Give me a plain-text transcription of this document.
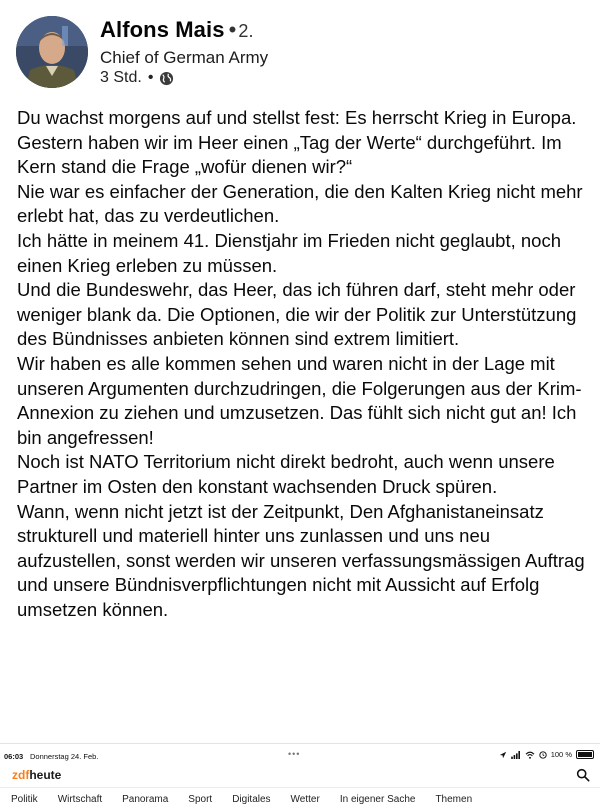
Alfons Mais • 2.
Chief of German Army
3 Std. •

Du wachst morgens auf und stellst fest: Es herrscht Krieg in Europa.

Gestern haben wir im Heer einen „Tag der Werte“ durchgeführt. Im Kern stand die Frage „wofür dienen wir?“

Nie war es einfacher der Generation, die den Kalten Krieg nicht mehr erlebt hat, das zu verdeutlichen.

Ich hätte in meinem 41. Dienstjahr im Frieden nicht geglaubt, noch einen Krieg erleben zu müssen.

Und die Bundeswehr, das Heer, das ich führen darf, steht mehr oder weniger blank da. Die Optionen, die wir der Politik zur Unterstützung des Bündnisses anbieten können sind extrem limitiert.

Wir haben es alle kommen sehen und waren nicht in der Lage mit unseren Argumenten durchzudringen, die Folgerungen aus der Krim-Annexion zu ziehen und umzusetzen. Das fühlt sich nicht gut an! Ich bin angefressen!

Noch ist NATO Territorium nicht direkt bedroht, auch wenn unsere Partner im Osten den konstant wachsenden Druck spüren.

Wann, wenn nicht jetzt ist der Zeitpunkt, Den Afghanistaneinsatz strukturell und materiell hinter uns zunlassen und uns neu aufzustellen, sonst werden wir unseren verfassungsmässigen Auftrag und unsere Bündnisverpflichtungen nicht mit Aussicht auf Erfolg umsetzen können.

06:03 Donnerstag 24. Feb.	•••	100 %
zdfheute
Politik Wirtschaft Panorama Sport Digitales Wetter In eigener Sache Themen
